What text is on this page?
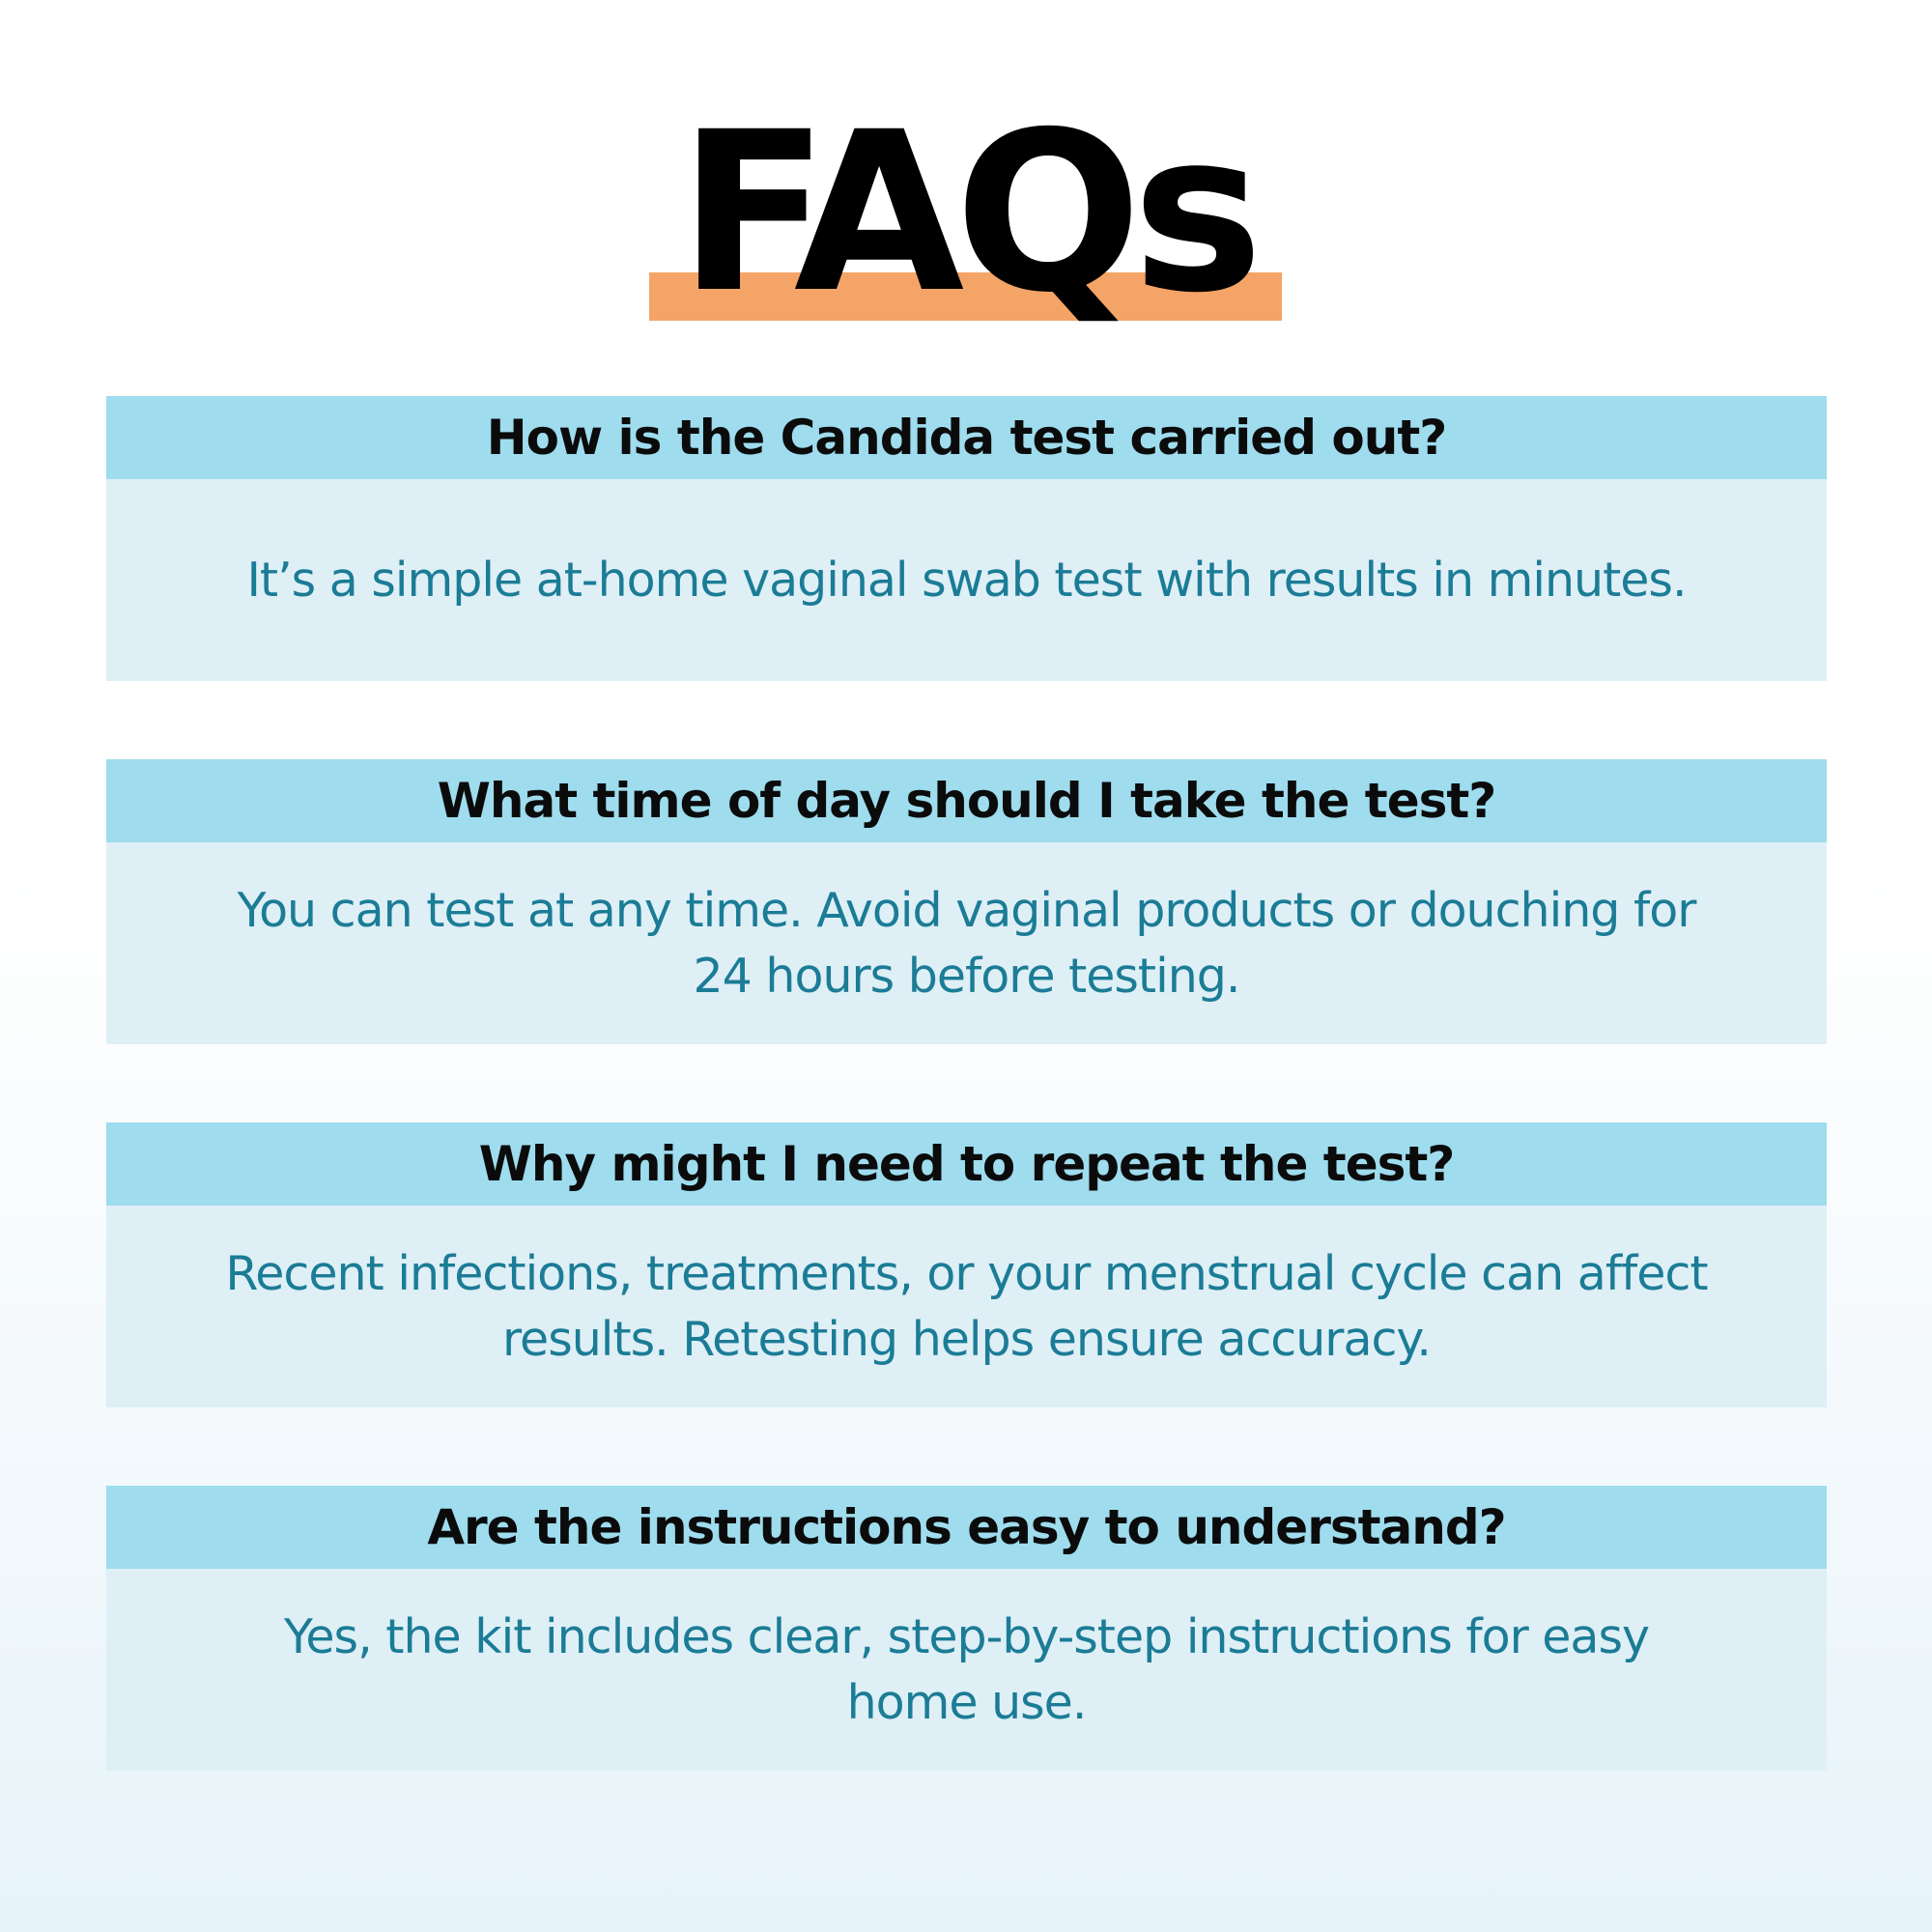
FAQs
How is the Candida test carried out?
It’s a simple at-home vaginal swab test with results in minutes.
What time of day should I take the test?
You can test at any time. Avoid vaginal products or douching for 24 hours before testing.
Why might I need to repeat the test?
Recent infections, treatments, or your menstrual cycle can affect results. Retesting helps ensure accuracy.
Are the instructions easy to understand?
Yes, the kit includes clear, step-by-step instructions for easy home use.
